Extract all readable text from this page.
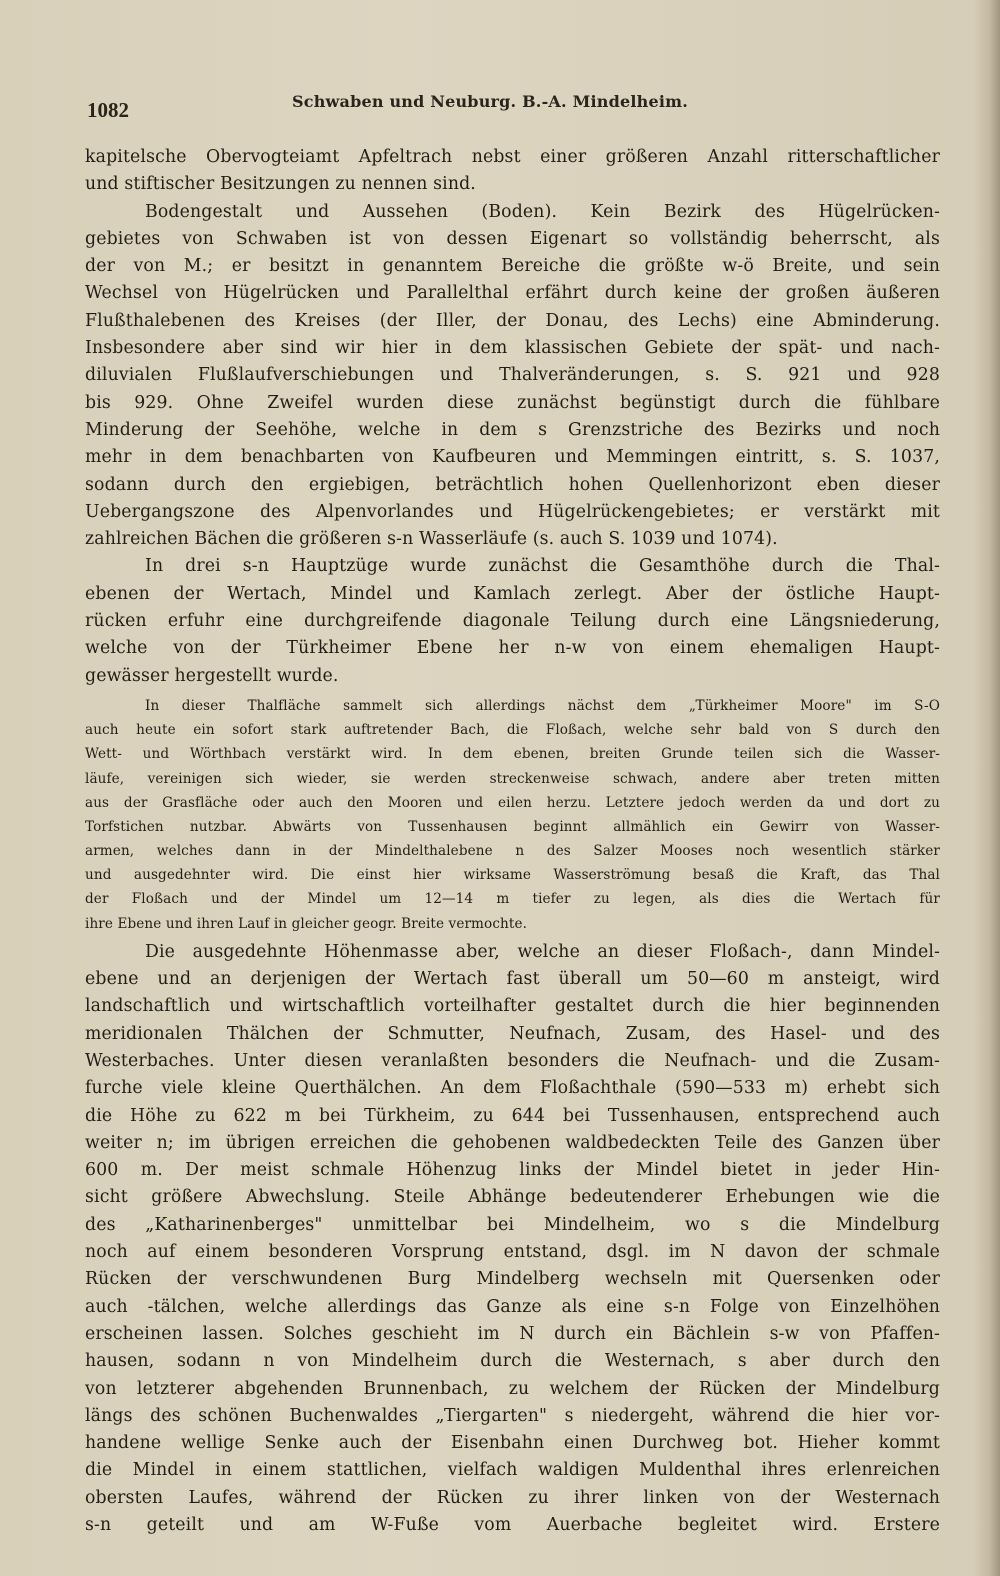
1082	Schwaben und Neuburg. B.-A. Mindelheim.
kapitelsche Obervogteiamt Apfeltrach nebst einer größeren Anzahl ritterschaftlicher
und stiftischer Besitzungen zu nennen sind.
Bodengestalt und Aussehen (Boden). Kein Bezirk des Hügelrücken-
gebietes von Schwaben ist von dessen Eigenart so vollständig beherrscht, als
der von M.; er besitzt in genanntem Bereiche die größte w-ö Breite, und sein
Wechsel von Hügelrücken und Parallelthal erfährt durch keine der großen äußeren
Flußthalebenen des Kreises (der Iller, der Donau, des Lechs) eine Abminderung.
Insbesondere aber sind wir hier in dem klassischen Gebiete der spät- und nach-
diluvialen Flußlaufverschiebungen und Thalveränderungen, s. S. 921 und 928
bis 929. Ohne Zweifel wurden diese zunächst begünstigt durch die fühlbare
Minderung der Seehöhe, welche in dem s Grenzstriche des Bezirks und noch
mehr in dem benachbarten von Kaufbeuren und Memmingen eintritt, s. S. 1037,
sodann durch den ergiebigen, beträchtlich hohen Quellenhorizont eben dieser
Uebergangszone des Alpenvorlandes und Hügelrückengebietes; er verstärkt mit
zahlreichen Bächen die größeren s-n Wasserläufe (s. auch S. 1039 und 1074).
In drei s-n Hauptzüge wurde zunächst die Gesamthöhe durch die Thal-
ebenen der Wertach, Mindel und Kamlach zerlegt. Aber der östliche Haupt-
rücken erfuhr eine durchgreifende diagonale Teilung durch eine Längsniederung,
welche von der Türkheimer Ebene her n-w von einem ehemaligen Haupt-
gewässer hergestellt wurde.
In dieser Thalfläche sammelt sich allerdings nächst dem „Türkheimer Moore" im S-O
auch heute ein sofort stark auftretender Bach, die Floßach, welche sehr bald von S durch den
Wett- und Wörthbach verstärkt wird. In dem ebenen, breiten Grunde teilen sich die Wasser-
läufe, vereinigen sich wieder, sie werden streckenweise schwach, andere aber treten mitten
aus der Grasfläche oder auch den Mooren und eilen herzu. Letztere jedoch werden da und dort zu
Torfstichen nutzbar. Abwärts von Tussenhausen beginnt allmählich ein Gewirr von Wasser-
armen, welches dann in der Mindelthalebene n des Salzer Mooses noch wesentlich stärker
und ausgedehnter wird. Die einst hier wirksame Wasserströmung besaß die Kraft, das Thal
der Floßach und der Mindel um 12—14 m tiefer zu legen, als dies die Wertach für
ihre Ebene und ihren Lauf in gleicher geogr. Breite vermochte.
Die ausgedehnte Höhenmasse aber, welche an dieser Floßach-, dann Mindel-
ebene und an derjenigen der Wertach fast überall um 50—60 m ansteigt, wird
landschaftlich und wirtschaftlich vorteilhafter gestaltet durch die hier beginnenden
meridionalen Thälchen der Schmutter, Neufnach, Zusam, des Hasel- und des
Westerbaches. Unter diesen veranlaßten besonders die Neufnach- und die Zusam-
furche viele kleine Querthälchen. An dem Floßachthale (590—533 m) erhebt sich
die Höhe zu 622 m bei Türkheim, zu 644 bei Tussenhausen, entsprechend auch
weiter n; im übrigen erreichen die gehobenen waldbedeckten Teile des Ganzen über
600 m. Der meist schmale Höhenzug links der Mindel bietet in jeder Hin-
sicht größere Abwechslung. Steile Abhänge bedeutenderer Erhebungen wie die
des „Katharinenberges" unmittelbar bei Mindelheim, wo s die Mindelburg
noch auf einem besonderen Vorsprung entstand, dsgl. im N davon der schmale
Rücken der verschwundenen Burg Mindelberg wechseln mit Quersenken oder
auch -tälchen, welche allerdings das Ganze als eine s-n Folge von Einzelhöhen
erscheinen lassen. Solches geschieht im N durch ein Bächlein s-w von Pfaffen-
hausen, sodann n von Mindelheim durch die Westernach, s aber durch den
von letzterer abgehenden Brunnenbach, zu welchem der Rücken der Mindelburg
längs des schönen Buchenwaldes „Tiergarten" s niedergeht, während die hier vor-
handene wellige Senke auch der Eisenbahn einen Durchweg bot. Hieher kommt
die Mindel in einem stattlichen, vielfach waldigen Muldenthal ihres erlenreichen
obersten Laufes, während der Rücken zu ihrer linken von der Westernach
s-n geteilt und am W-Fuße vom Auerbache begleitet wird. Erstere
